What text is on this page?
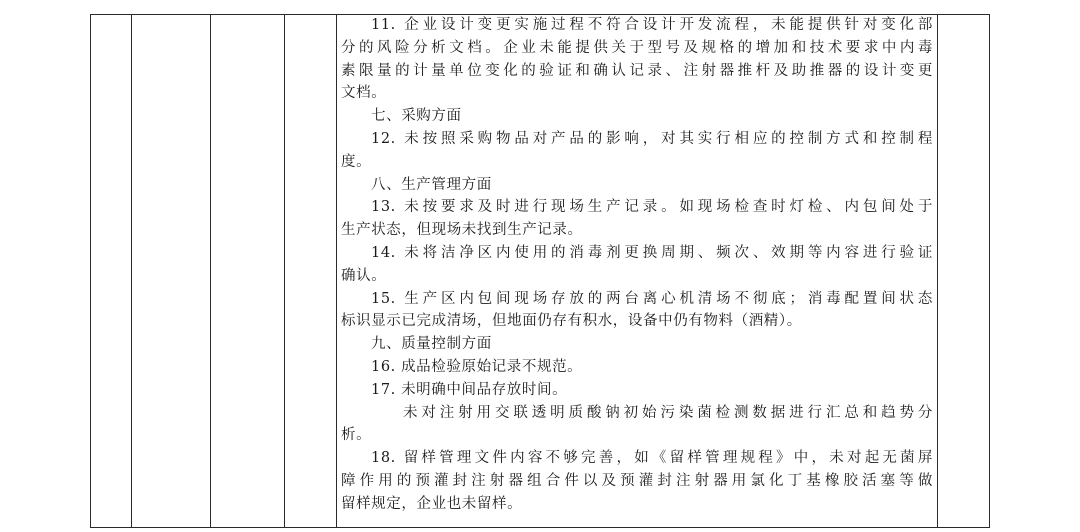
11. 企业设计变更实施过程不符合设计开发流程，未能提供针对变化部
分的风险分析文档。企业未能提供关于型号及规格的增加和技术要求中内毒
素限量的计量单位变化的验证和确认记录、注射器推杆及助推器的设计变更
文档。
七、采购方面
12. 未按照采购物品对产品的影响，对其实行相应的控制方式和控制程
度。
八、生产管理方面
13. 未按要求及时进行现场生产记录。如现场检查时灯检、内包间处于
生产状态，但现场未找到生产记录。
14. 未将洁净区内使用的消毒剂更换周期、频次、效期等内容进行验证
确认。
15. 生产区内包间现场存放的两台离心机清场不彻底；消毒配置间状态
标识显示已完成清场，但地面仍存有积水，设备中仍有物料（酒精）。
九、质量控制方面
16. 成品检验原始记录不规范。
17. 未明确中间品存放时间。
未对注射用交联透明质酸钠初始污染菌检测数据进行汇总和趋势分
析。
18. 留样管理文件内容不够完善，如《留样管理规程》中，未对起无菌屏
障作用的预灌封注射器组合件以及预灌封注射器用氯化丁基橡胶活塞等做
留样规定，企业也未留样。
